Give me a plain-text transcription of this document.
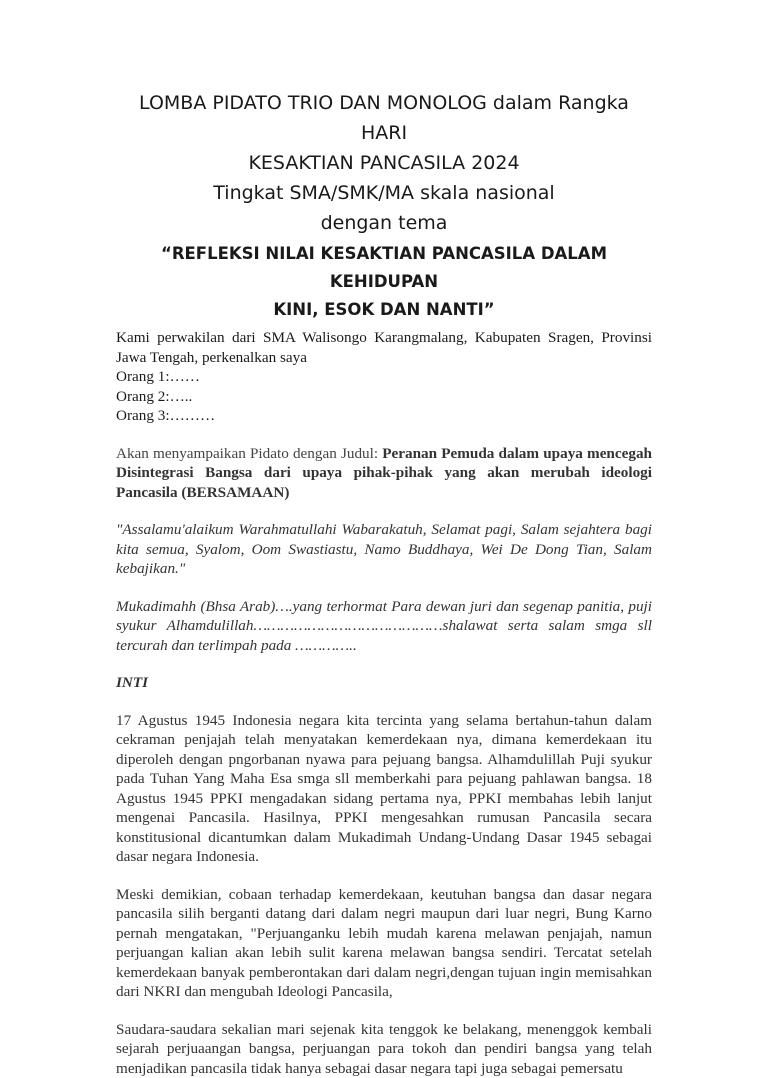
LOMBA PIDATO TRIO DAN MONOLOG dalam Rangka HARI
KESAKTIAN PANCASILA 2024
Tingkat SMA/SMK/MA skala nasional
dengan tema
“REFLEKSI NILAI KESAKTIAN PANCASILA DALAM KEHIDUPAN
KINI, ESOK DAN NANTI”
Kami perwakilan dari SMA Walisongo Karangmalang, Kabupaten Sragen, Provinsi Jawa Tengah, perkenalkan saya
Orang 1:……
Orang 2:…..
Orang 3:………
Akan menyampaikan Pidato dengan Judul: Peranan Pemuda dalam upaya mencegah Disintegrasi Bangsa dari upaya pihak-pihak yang akan merubah ideologi Pancasila (BERSAMAAN)
"Assalamu'alaikum Warahmatullahi Wabarakatuh, Selamat pagi, Salam sejahtera bagi kita semua, Syalom, Oom Swastiastu, Namo Buddhaya, Wei De Dong Tian, Salam kebajikan."
Mukadimahh (Bhsa Arab)….yang terhormat Para dewan juri dan segenap panitia, puji syukur Alhamdulillah……………………………………shalawat serta salam smga sll tercurah dan terlimpah pada …………..
INTI
17 Agustus 1945 Indonesia negara kita tercinta yang selama bertahun-tahun dalam cekraman penjajah telah menyatakan kemerdekaan nya, dimana kemerdekaan itu diperoleh dengan pngorbanan nyawa para pejuang bangsa. Alhamdulillah Puji syukur pada Tuhan Yang Maha Esa smga sll memberkahi para pejuang pahlawan bangsa. 18 Agustus 1945 PPKI mengadakan sidang pertama nya, PPKI membahas lebih lanjut mengenai Pancasila. Hasilnya, PPKI mengesahkan rumusan Pancasila secara konstitusional dicantumkan dalam Mukadimah Undang-Undang Dasar 1945 sebagai dasar negara Indonesia.
Meski demikian, cobaan terhadap kemerdekaan, keutuhan bangsa dan dasar negara pancasila silih berganti datang dari dalam negri maupun dari luar negri, Bung Karno pernah mengatakan, "Perjuanganku lebih mudah karena melawan penjajah, namun perjuangan kalian akan lebih sulit karena melawan bangsa sendiri. Tercatat setelah kemerdekaan banyak pemberontakan dari dalam negri,dengan tujuan ingin memisahkan dari NKRI dan mengubah Ideologi Pancasila,
Saudara-saudara sekalian mari sejenak kita tenggok ke belakang, menenggok kembali sejarah perjuaangan bangsa, perjuangan para tokoh dan pendiri bangsa yang telah menjadikan pancasila tidak hanya sebagai dasar negara tapi juga sebagai pemersatu
